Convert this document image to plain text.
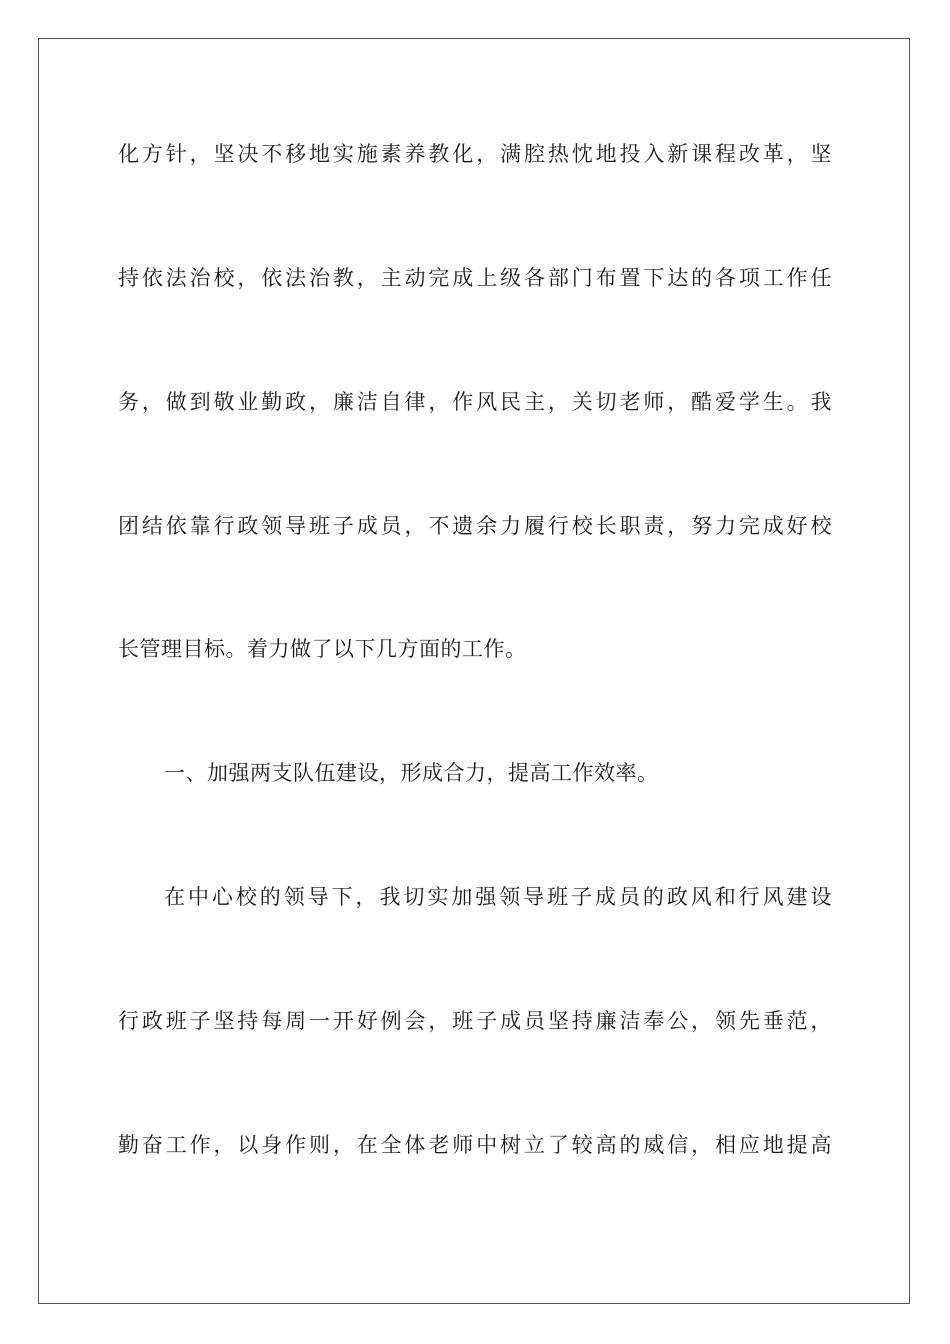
化方针，坚决不移地实施素养教化，满腔热忱地投入新课程改革，坚
持依法治校，依法治教，主动完成上级各部门布置下达的各项工作任
务，做到敬业勤政，廉洁自律，作风民主，关切老师，酷爱学生。我
团结依靠行政领导班子成员，不遗余力履行校长职责，努力完成好校
长管理目标。着力做了以下几方面的工作。
一、加强两支队伍建设，形成合力，提高工作效率。
在中心校的领导下，我切实加强领导班子成员的政风和行风建设
行政班子坚持每周一开好例会，班子成员坚持廉洁奉公，领先垂范，
勤奋工作，以身作则，在全体老师中树立了较高的威信，相应地提高
